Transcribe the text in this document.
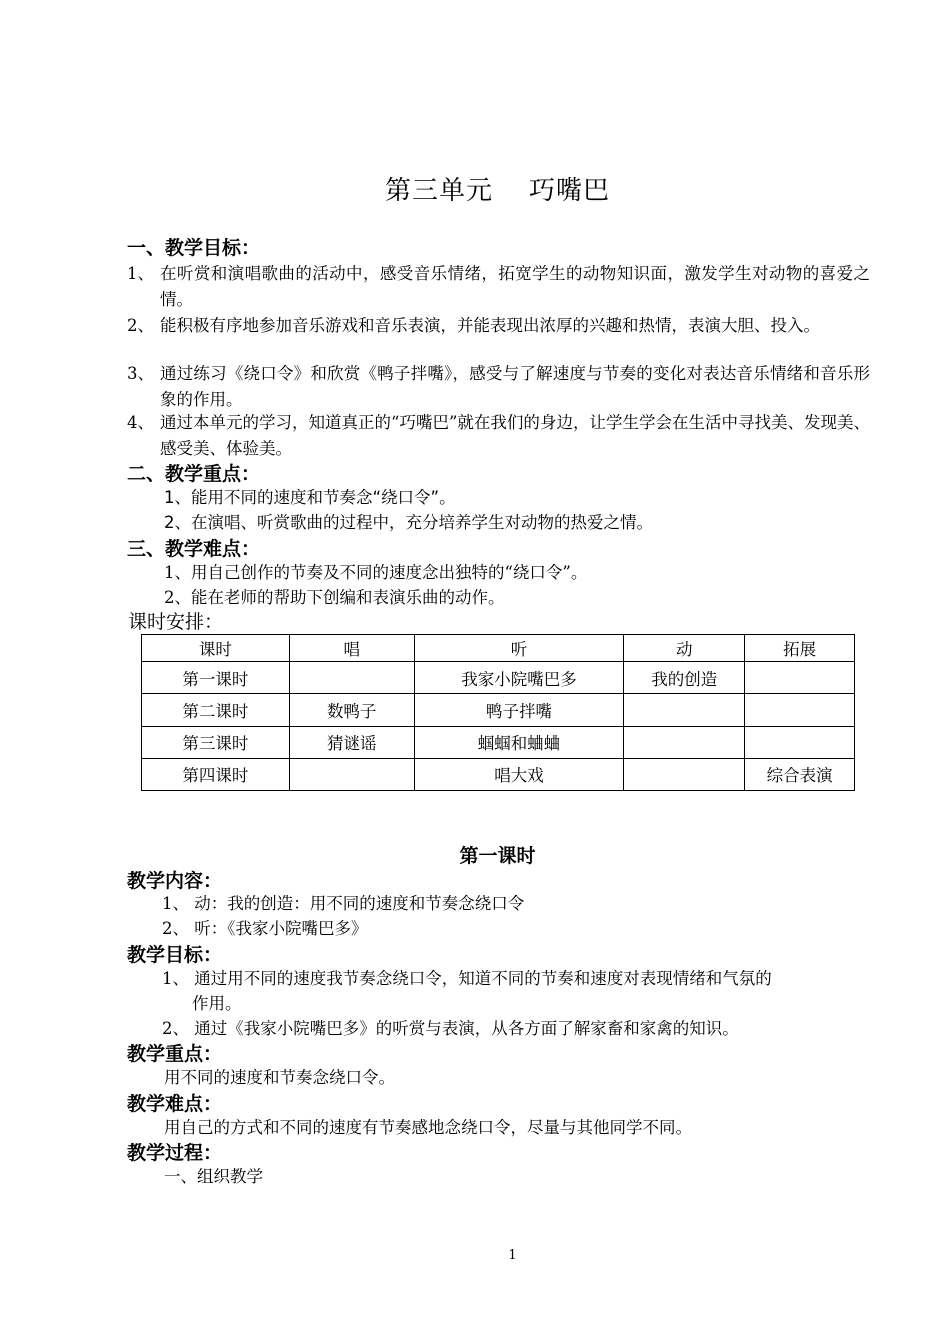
第三单元 巧嘴巴
一、教学目标：
1、 在听赏和演唱歌曲的活动中，感受音乐情绪，拓宽学生的动物知识面，激发学生对动物的喜爱之情。
2、 能积极有序地参加音乐游戏和音乐表演，并能表现出浓厚的兴趣和热情，表演大胆、投入。
3、 通过练习《绕口令》和欣赏《鸭子拌嘴》，感受与了解速度与节奏的变化对表达音乐情绪和音乐形象的作用。
4、 通过本单元的学习，知道真正的“巧嘴巴”就在我们的身边，让学生学会在生活中寻找美、发现美、感受美、体验美。
二、教学重点：
1、能用不同的速度和节奏念“绕口令”。
2、在演唱、听赏歌曲的过程中，充分培养学生对动物的热爱之情。
三、教学难点：
1、用自己创作的节奏及不同的速度念出独特的“绕口令”。
2、能在老师的帮助下创编和表演乐曲的动作。
课时安排：
课时	唱	听	动	拓展
第一课时		我家小院嘴巴多	我的创造	
第二课时	数鸭子	鸭子拌嘴		
第三课时	猜谜谣	蝈蝈和蛐蛐		
第四课时		唱大戏		综合表演
第一课时
教学内容：
1、 动：我的创造：用不同的速度和节奏念绕口令
2、 听：《我家小院嘴巴多》
教学目标：
1、 通过用不同的速度我节奏念绕口令，知道不同的节奏和速度对表现情绪和气氛的
作用。
2、 通过《我家小院嘴巴多》的听赏与表演，从各方面了解家畜和家禽的知识。
教学重点：
用不同的速度和节奏念绕口令。
教学难点：
用自己的方式和不同的速度有节奏感地念绕口令，尽量与其他同学不同。
教学过程：
一、组织教学
1
